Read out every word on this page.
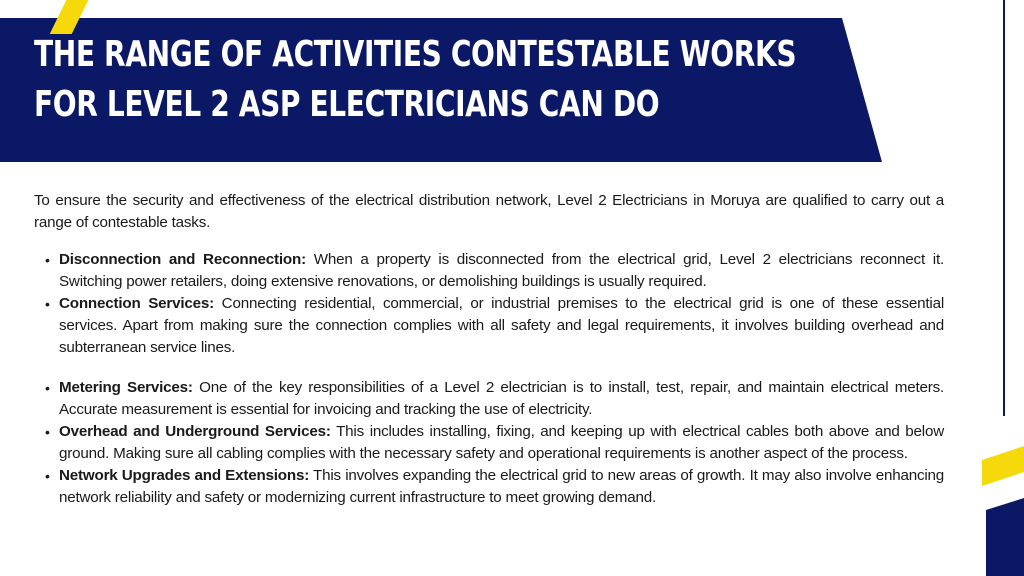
THE RANGE OF ACTIVITIES CONTESTABLE WORKS FOR LEVEL 2 ASP ELECTRICIANS CAN DO

To ensure the security and effectiveness of the electrical distribution network, Level 2 Electricians in Moruya are qualified to carry out a range of contestable tasks.

• Disconnection and Reconnection: When a property is disconnected from the electrical grid, Level 2 electricians reconnect it. Switching power retailers, doing extensive renovations, or demolishing buildings is usually required.
• Connection Services: Connecting residential, commercial, or industrial premises to the electrical grid is one of these essential services. Apart from making sure the connection complies with all safety and legal requirements, it involves building overhead and subterranean service lines.
• Metering Services: One of the key responsibilities of a Level 2 electrician is to install, test, repair, and maintain electrical meters. Accurate measurement is essential for invoicing and tracking the use of electricity.
• Overhead and Underground Services: This includes installing, fixing, and keeping up with electrical cables both above and below ground. Making sure all cabling complies with the necessary safety and operational requirements is another aspect of the process.
• Network Upgrades and Extensions: This involves expanding the electrical grid to new areas of growth. It may also involve enhancing network reliability and safety or modernizing current infrastructure to meet growing demand.
